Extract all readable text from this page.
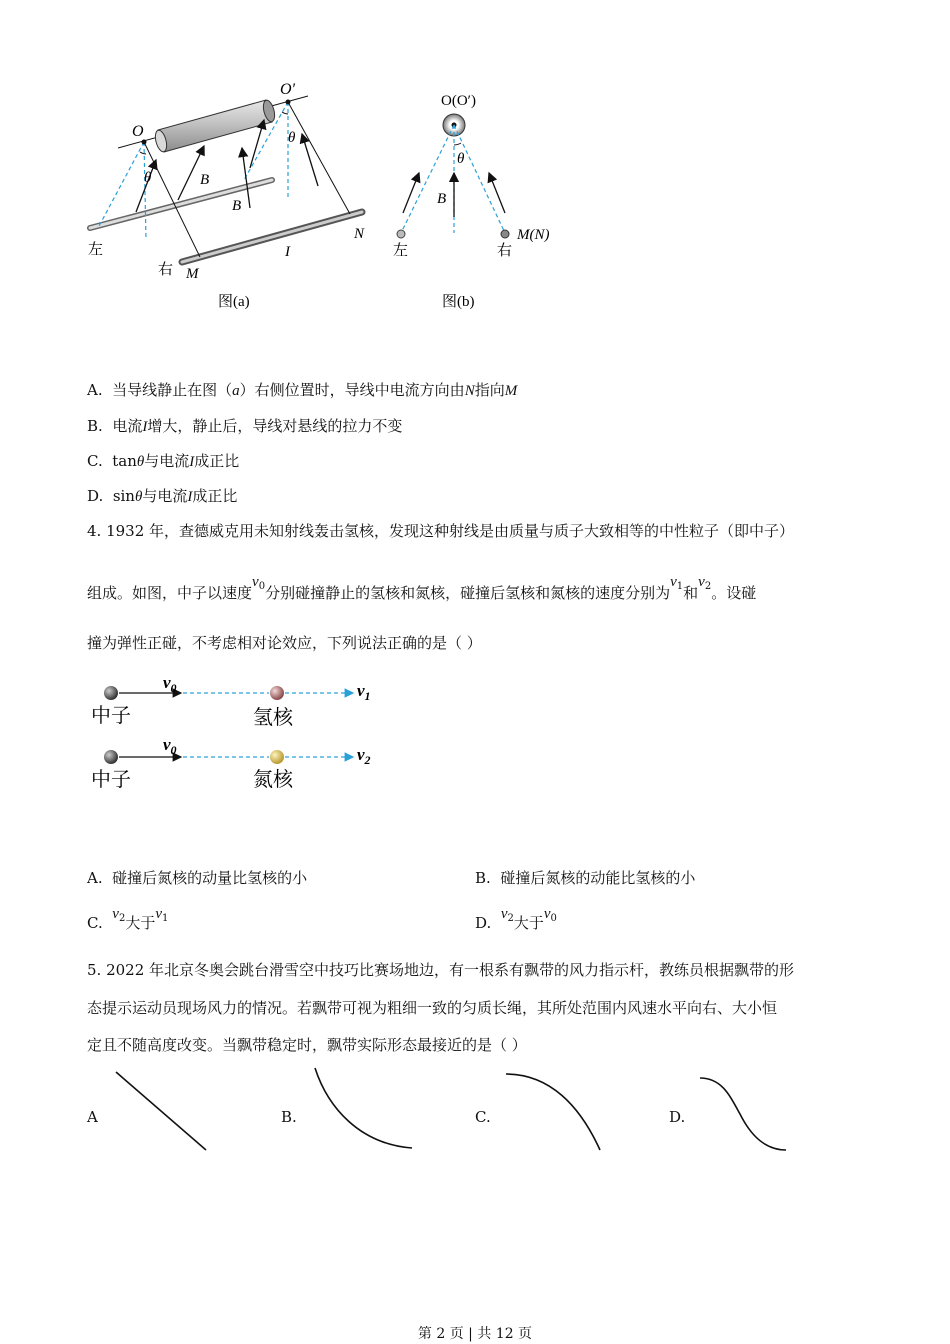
O
O′
θ
θ
B
B
I
N
M
左
右
图(a)
O(O′)
θ
B
M(N)
左	右
图(b)
A. 当导线静止在图（a）右侧位置时，导线中电流方向由N指向M
B. 电流I增大，静止后，导线对悬线的拉力不变
C. tanθ与电流I成正比
D. sinθ与电流I成正比
4. 1932 年，查德威克用未知射线轰击氢核，发现这种射线是由质量与质子大致相等的中性粒子（即中子）
组成。如图，中子以速度$v_0$分别碰撞静止的氢核和氮核，碰撞后氢核和氮核的速度分别为$v_1$和$v_2$。设碰
撞为弹性正碰，不考虑相对论效应，下列说法正确的是（ ）
$v_0$	$v_1$
中子	氢核
$v_0$	$v_2$
中子	氮核
A. 碰撞后氮核的动量比氢核的小	B. 碰撞后氮核的动能比氢核的小
C. $v_2$大于$v_1$	D. $v_2$大于$v_0$
5. 2022 年北京冬奥会跳台滑雪空中技巧比赛场地边，有一根系有飘带的风力指示杆，教练员根据飘带的形
态提示运动员现场风力的情况。若飘带可视为粗细一致的匀质长绳，其所处范围内风速水平向右、大小恒
定且不随高度改变。当飘带稳定时，飘带实际形态最接近的是（ ）
A	B.	C.	D.
第 2 页 | 共 12 页
